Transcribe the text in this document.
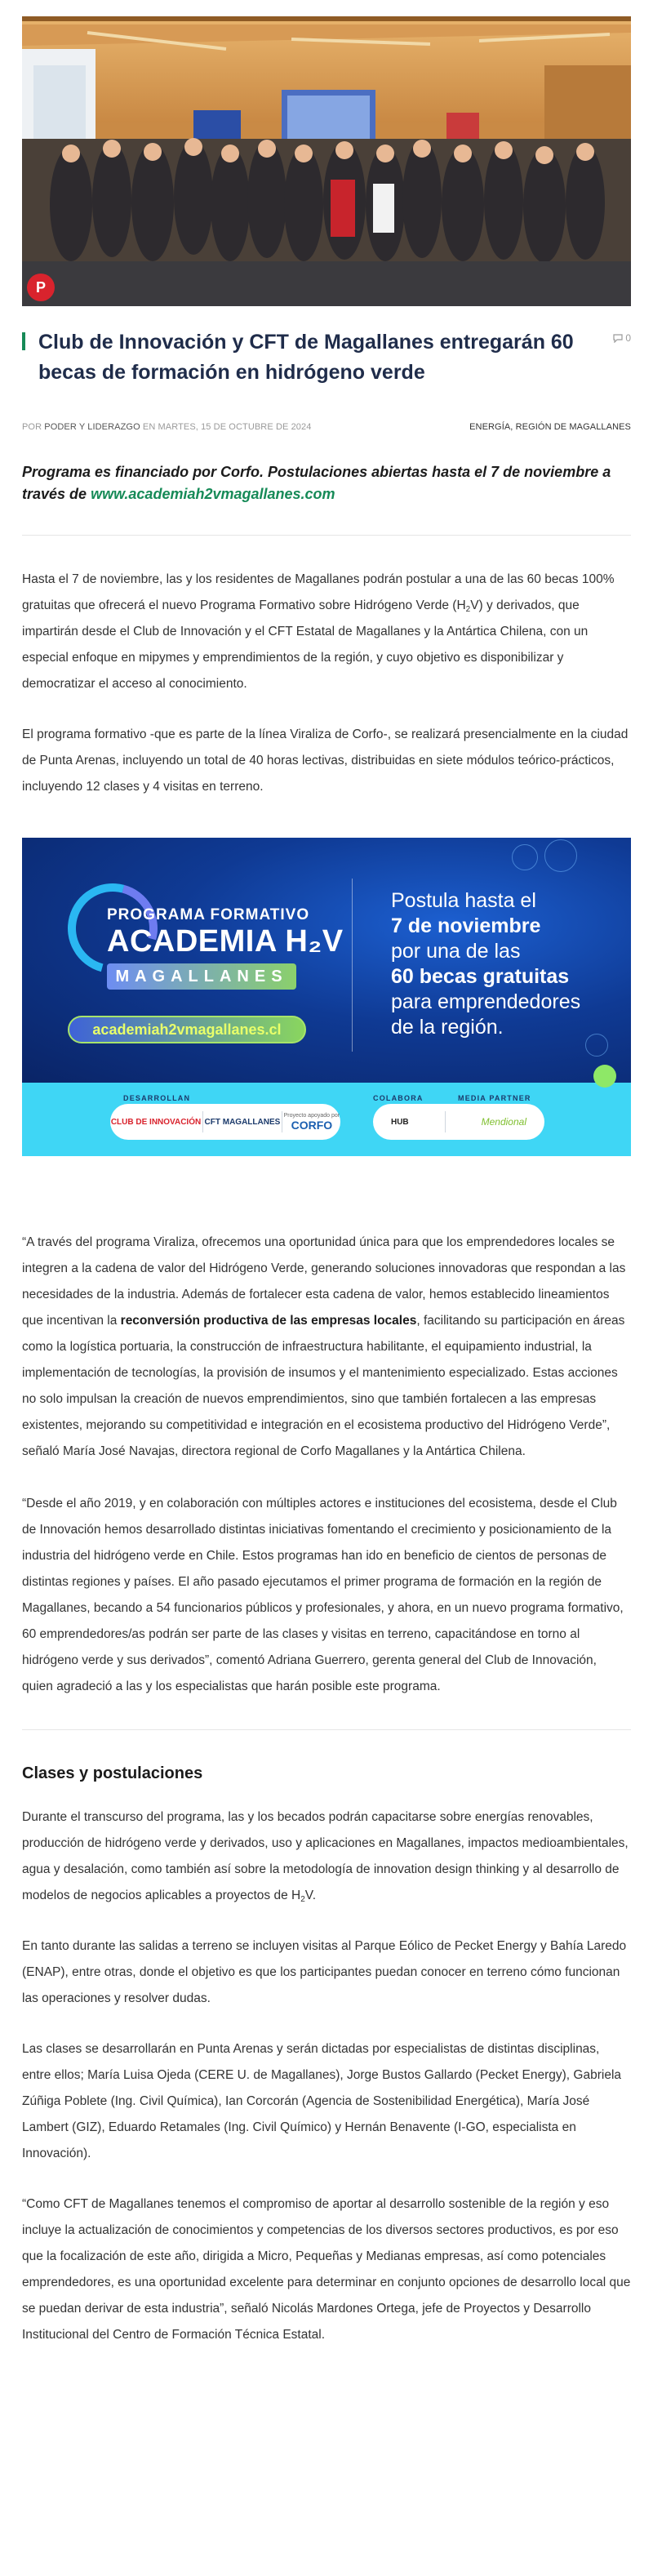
P
Club de Innovación y CFT de Magallanes entregarán 60 becas de formación en hidrógeno verde
0
POR PODER Y LIDERAZGO EN MARTES, 15 DE OCTUBRE DE 2024	ENERGÍA, REGIÓN DE MAGALLANES
Programa es financiado por Corfo. Postulaciones abiertas hasta el 7 de noviembre a través de www.academiah2vmagallanes.com

Hasta el 7 de noviembre, las y los residentes de Magallanes podrán postular a una de las 60 becas 100% gratuitas que ofrecerá el nuevo Programa Formativo sobre Hidrógeno Verde $(H_2V)$ y derivados, que impartirán desde el Club de Innovación y el CFT Estatal de Magallanes y la Antártica Chilena, con un especial enfoque en mipymes y emprendimientos de la región, y cuyo objetivo es disponibilizar y democratizar el acceso al conocimiento.

El programa formativo -que es parte de la línea Viraliza de Corfo-, se realizará presencialmente en la ciudad de Punta Arenas, incluyendo un total de 40 horas lectivas, distribuidas en siete módulos teórico-prácticos, incluyendo 12 clases y 4 visitas en terreno.

PROGRAMA FORMATIVO
ACADEMIA H₂V
MAGALLANES
academiah2vmagallanes.cl
Postula hasta el
7 de noviembre
por una de las
60 becas gratuitas
para emprendedores
de la región.
DESARROLLAN	COLABORA	MEDIA PARTNER
CLUB DE INNOVACIÓN CFT MAGALLANES
Proyecto apoyado por
CORFO	HUB	Mendional

“A través del programa Viraliza, ofrecemos una oportunidad única para que los emprendedores locales se integren a la cadena de valor del Hidrógeno Verde, generando soluciones innovadoras que respondan a las necesidades de la industria. Además de fortalecer esta cadena de valor, hemos establecido lineamientos que incentivan la reconversión productiva de las empresas locales, facilitando su participación en áreas como la logística portuaria, la construcción de infraestructura habilitante, el equipamiento industrial, la implementación de tecnologías, la provisión de insumos y el mantenimiento especializado. Estas acciones no solo impulsan la creación de nuevos emprendimientos, sino que también fortalecen a las empresas existentes, mejorando su competitividad e integración en el ecosistema productivo del Hidrógeno Verde”, señaló María José Navajas, directora regional de Corfo Magallanes y la Antártica Chilena.

“Desde el año 2019, y en colaboración con múltiples actores e instituciones del ecosistema, desde el Club de Innovación hemos desarrollado distintas iniciativas fomentando el crecimiento y posicionamiento de la industria del hidrógeno verde en Chile. Estos programas han ido en beneficio de cientos de personas de distintas regiones y países. El año pasado ejecutamos el primer programa de formación en la región de Magallanes, becando a 54 funcionarios públicos y profesionales, y ahora, en un nuevo programa formativo, 60 emprendedores/as podrán ser parte de las clases y visitas en terreno, capacitándose en torno al hidrógeno verde y sus derivados”, comentó Adriana Guerrero, gerenta general del Club de Innovación, quien agradeció a las y los especialistas que harán posible este programa.

Clases y postulaciones

Durante el transcurso del programa, las y los becados podrán capacitarse sobre energías renovables, producción de hidrógeno verde y derivados, uso y aplicaciones en Magallanes, impactos medioambientales, agua y desalación, como también así sobre la metodología de innovation design thinking y al desarrollo de modelos de negocios aplicables a proyectos de $H_2V$.

En tanto durante las salidas a terreno se incluyen visitas al Parque Eólico de Pecket Energy y Bahía Laredo (ENAP), entre otras, donde el objetivo es que los participantes puedan conocer en terreno cómo funcionan las operaciones y resolver dudas.

Las clases se desarrollarán en Punta Arenas y serán dictadas por especialistas de distintas disciplinas, entre ellos; María Luisa Ojeda (CERE U. de Magallanes), Jorge Bustos Gallardo (Pecket Energy), Gabriela Zúñiga Poblete (Ing. Civil Química), Ian Corcorán (Agencia de Sostenibilidad Energética), María José Lambert (GIZ), Eduardo Retamales (Ing. Civil Químico) y Hernán Benavente (I-GO, especialista en Innovación).

“Como CFT de Magallanes tenemos el compromiso de aportar al desarrollo sostenible de la región y eso incluye la actualización de conocimientos y competencias de los diversos sectores productivos, es por eso que la focalización de este año, dirigida a Micro, Pequeñas y Medianas empresas, así como potenciales emprendedores, es una oportunidad excelente para determinar en conjunto opciones de desarrollo local que se puedan derivar de esta industria”, señaló Nicolás Mardones Ortega, jefe de Proyectos y Desarrollo Institucional del Centro de Formación Técnica Estatal.
